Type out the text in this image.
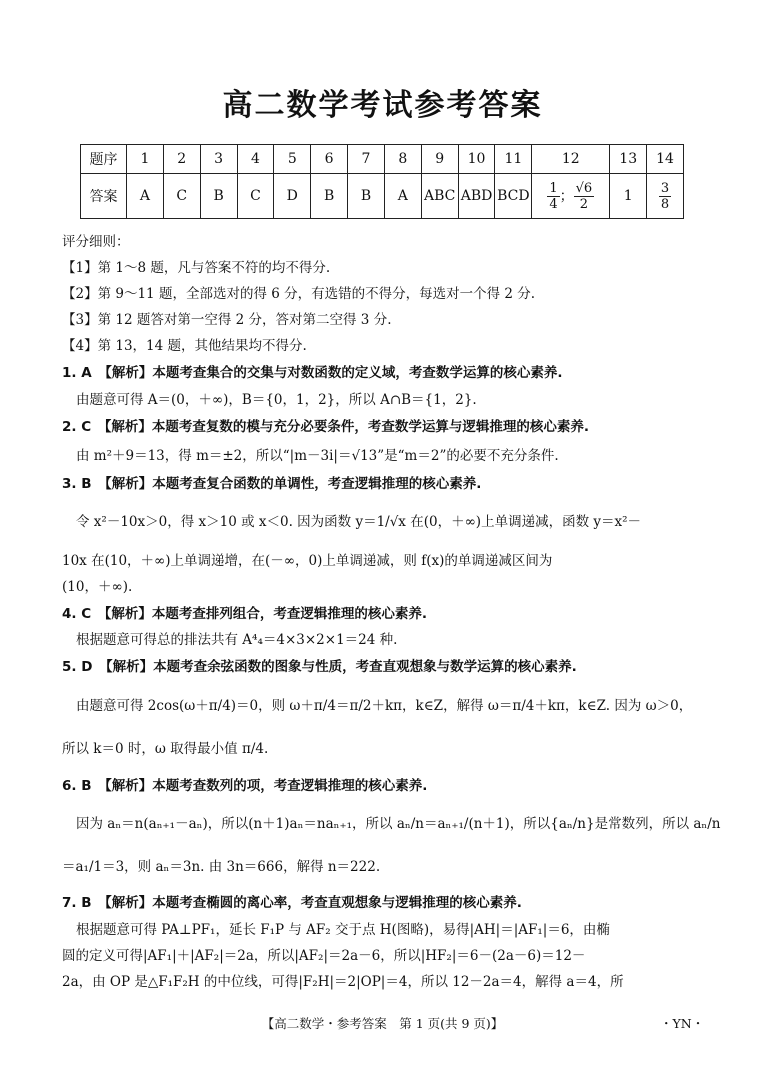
高二数学考试参考答案
题序	1	2	3	4	5	6	7	8	9	10	11	12	13	14
答案	A	C	B	C	D	B	B	A	ABC	ABD	BCD	$\frac{1}{4}$ ； $\frac{√6}{2}$	1	$\frac{3}{8}$
评分细则：
【1】第 1～8 题，凡与答案不符的均不得分.
【2】第 9～11 题，全部选对的得 6 分，有选错的不得分，每选对一个得 2 分.
【3】第 12 题答对第一空得 2 分，答对第二空得 3 分.
【4】第 13，14 题，其他结果均不得分.
1. A　【解析】本题考查集合的交集与对数函数的定义域，考查数学运算的核心素养.
由题意可得 A＝(0，＋∞)，B＝{0，1，2}，所以 A∩B＝{1，2}.
2. C　【解析】本题考查复数的模与充分必要条件，考查数学运算与逻辑推理的核心素养.
由 m²＋9＝13，得 m＝±2，所以“|m－3i|＝√13”是“m＝2”的必要不充分条件.
3. B　【解析】本题考查复合函数的单调性，考查逻辑推理的核心素养.
令 x²－10x＞0，得 x＞10 或 x＜0. 因为函数 y＝1/√x 在(0，＋∞)上单调递减，函数 y＝x²－
10x 在(10，＋∞)上单调递增，在(－∞，0)上单调递减，则 f(x)的单调递减区间为
(10，＋∞).
4. C　【解析】本题考查排列组合，考查逻辑推理的核心素养.
根据题意可得总的排法共有 A⁴₄＝4×3×2×1＝24 种.
5. D　【解析】本题考查余弦函数的图象与性质，考查直观想象与数学运算的核心素养.
由题意可得 2cos(ω＋π/4)＝0，则 ω＋π/4＝π/2＋kπ，k∈Z，解得 ω＝π/4＋kπ，k∈Z. 因为 ω＞0，
所以 k＝0 时，ω 取得最小值 π/4.
6. B　【解析】本题考查数列的项，考查逻辑推理的核心素养.
因为 aₙ＝n(aₙ₊₁－aₙ)，所以(n＋1)aₙ＝naₙ₊₁，所以 aₙ/n＝aₙ₊₁/(n＋1)，所以{aₙ/n}是常数列，所以 aₙ/n
＝a₁/1＝3，则 aₙ＝3n. 由 3n＝666，解得 n＝222.
7. B　【解析】本题考查椭圆的离心率，考查直观想象与逻辑推理的核心素养.
根据题意可得 PA⊥PF₁，延长 F₁P 与 AF₂ 交于点 H(图略)，易得|AH|＝|AF₁|＝6，由椭
圆的定义可得|AF₁|＋|AF₂|＝2a，所以|AF₂|＝2a－6，所以|HF₂|＝6－(2a－6)＝12－
2a，由 OP 是△F₁F₂H 的中位线，可得|F₂H|＝2|OP|＝4，所以 12－2a＝4，解得 a＝4，所
【高二数学・参考答案　第 1 页(共 9 页)】	・YN・
